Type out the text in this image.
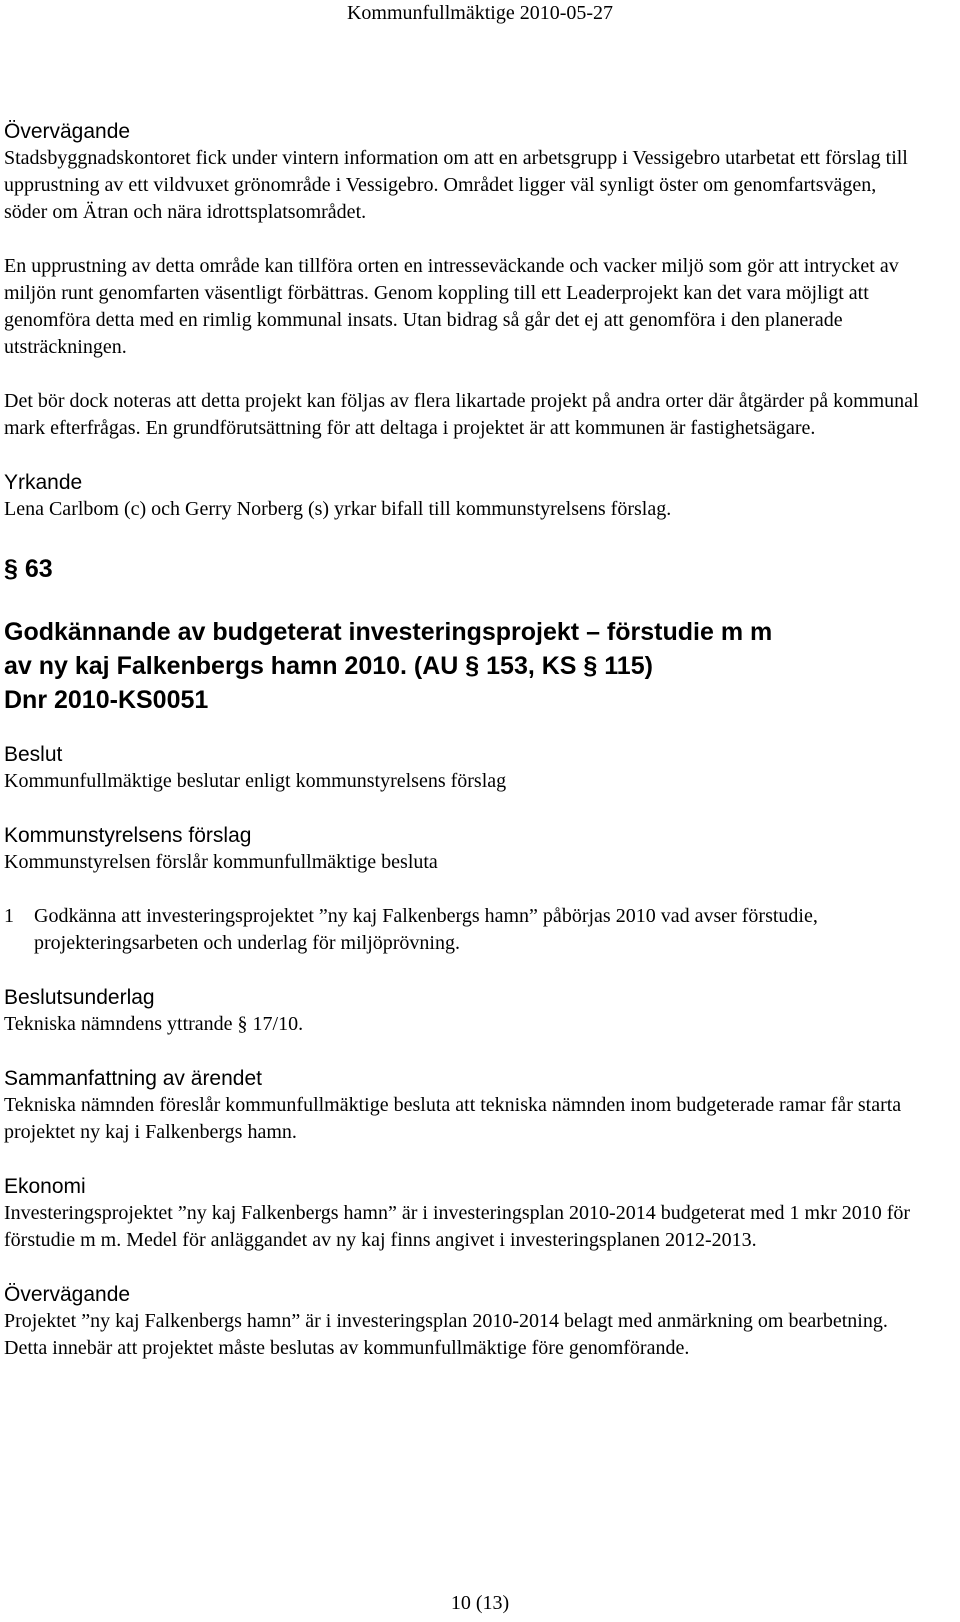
Kommunfullmäktige 2010-05-27

Övervägande

Stadsbyggnadskontoret fick under vintern information om att en arbetsgrupp i Vessigebro utarbetat ett förslag till upprustning av ett vildvuxet grönområde i Vessigebro. Området ligger väl synligt öster om genomfartsvägen, söder om Ätran och nära idrottsplatsområdet.

En upprustning av detta område kan tillföra orten en intresseväckande och vacker miljö som gör att intrycket av miljön runt genomfarten väsentligt förbättras. Genom koppling till ett Leaderprojekt kan det vara möjligt att genomföra detta med en rimlig kommunal insats. Utan bidrag så går det ej att genomföra i den planerade utsträckningen.

Det bör dock noteras att detta projekt kan följas av flera likartade projekt på andra orter där åtgärder på kommunal mark efterfrågas. En grundförutsättning för att deltaga i projektet är att kommunen är fastighetsägare.

Yrkande

Lena Carlbom (c) och Gerry Norberg (s) yrkar bifall till kommunstyrelsens förslag.

§ 63

Godkännande av budgeterat investeringsprojekt – förstudie m m

av ny kaj Falkenbergs hamn 2010. (AU § 153, KS § 115)

Dnr 2010-KS0051

Beslut

Kommunfullmäktige beslutar enligt kommunstyrelsens förslag

Kommunstyrelsens förslag

Kommunstyrelsen förslår kommunfullmäktige besluta

1	Godkänna att investeringsprojektet ”ny kaj Falkenbergs hamn” påbörjas 2010 vad avser förstudie, projekteringsarbeten och underlag för miljöprövning.

Beslutsunderlag

Tekniska nämndens yttrande § 17/10.

Sammanfattning av ärendet

Tekniska nämnden föreslår kommunfullmäktige besluta att tekniska nämnden inom budgeterade ramar får starta projektet ny kaj i Falkenbergs hamn.

Ekonomi

Investeringsprojektet ”ny kaj Falkenbergs hamn” är i investeringsplan 2010-2014 budgeterat med 1 mkr 2010 för förstudie m m. Medel för anläggandet av ny kaj finns angivet i investeringsplanen 2012-2013.

Övervägande

Projektet ”ny kaj Falkenbergs hamn” är i investeringsplan 2010-2014 belagt med anmärkning om bearbetning. Detta innebär att projektet måste beslutas av kommunfullmäktige före genomförande.

10 (13)
